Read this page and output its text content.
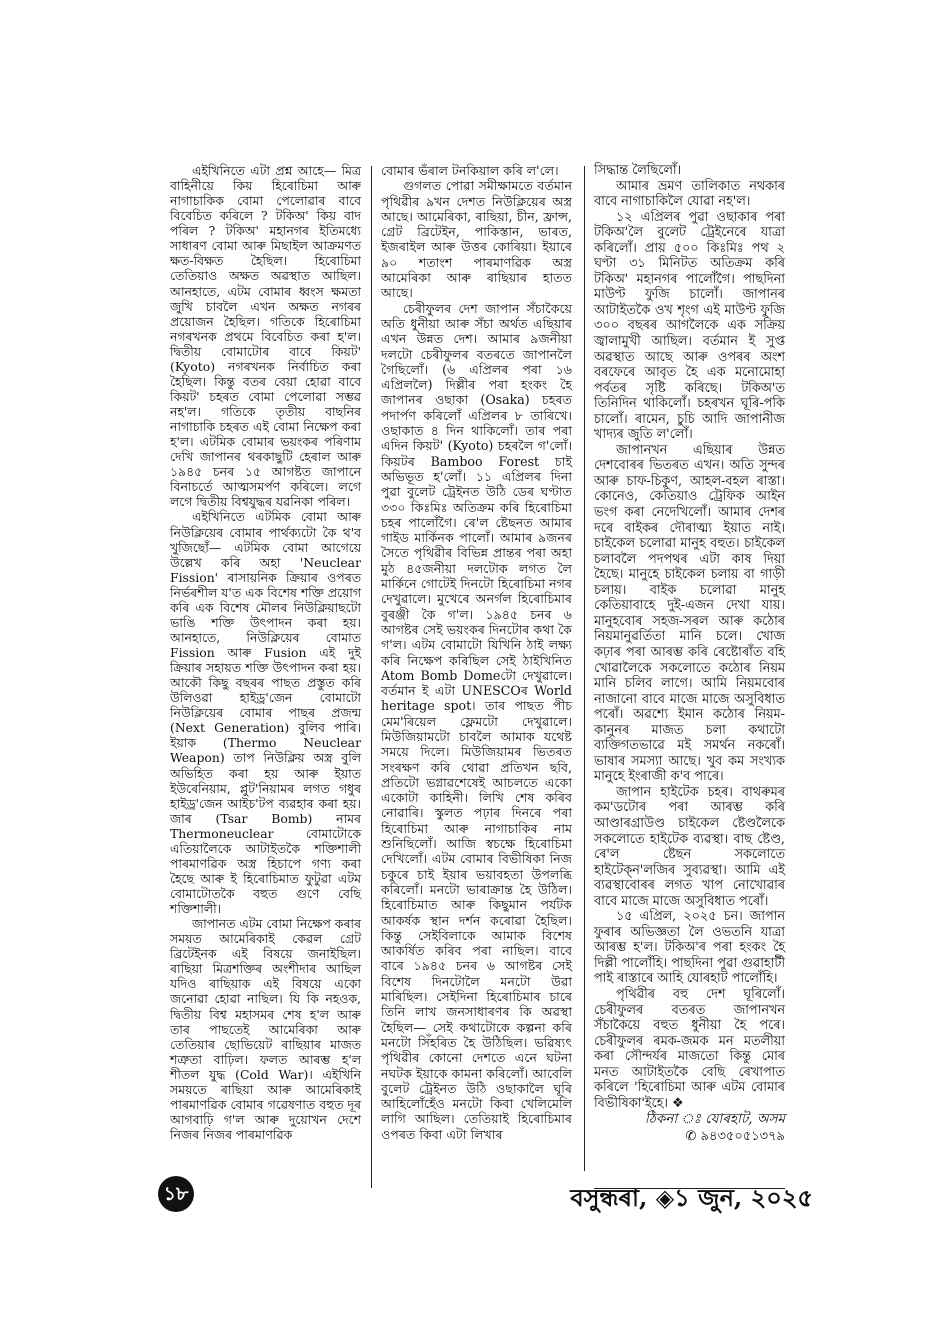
এইখিনিতে এটা প্ৰশ্ন আহে— মিত্ৰ বাহিনীয়ে কিয় হিৰোচিমা আৰু নাগাচাকিক বোমা পেলোৱাৰ বাবে বিবেচিত কৰিলে ? টকিঅ' কিয় বাদ পৰিল ? টকিঅ' মহানগৰ ইতিমধ্যে সাধাৰণ বোমা আৰু মিছাইল আক্ৰমণত ক্ষত-বিক্ষত হৈছিল। হিৰোচিমা তেতিয়াও অক্ষত অৱস্থাত আছিল। আনহাতে, এটম বোমাৰ ধ্বংস ক্ষমতা জুখি চাবলৈ এখন অক্ষত নগৰৰ প্ৰয়োজন হৈছিল। গতিকে হিৰোচিমা নগৰখনক প্ৰথমে বিবেচিত কৰা হ'ল। দ্বিতীয় বোমাটোৰ বাবে কিয়ট' (Kyoto) নগৰখনক নিৰ্বাচিত কৰা হৈছিল। কিন্তু বতৰ বেয়া হোৱা বাবে কিয়ট' চহৰত বোমা পেলোৱা সম্ভৱ নহ'ল। গতিকে তৃতীয় বাছনিৰ নাগাচাকি চহৰত এই বোমা নিক্ষেপ কৰা হ'ল। এটমিক বোমাৰ ভয়ংকৰ পৰিণাম দেখি জাপানৰ থৰকাছুটি হেৰাল আৰু ১৯৪৫ চনৰ ১৫ আগষ্টত জাপানে বিনাচৰ্তে আত্মসমৰ্পণ কৰিলে। লগে লগে দ্বিতীয় বিশ্বযুদ্ধৰ যৱনিকা পৰিল।

এইখিনিতে এটমিক বোমা আৰু নিউক্লিয়েৰ বোমাৰ পাৰ্থক্যটো কৈ থ'ব খুজিছোঁ— এটমিক বোমা আগেয়ে উল্লেখ কৰি অহা 'Neuclear Fission' ৰাসায়নিক ক্ৰিয়াৰ ওপৰত নিৰ্ভৰশীল য'ত এক বিশেষ শক্তি প্ৰয়োগ কৰি এক বিশেষ মৌলৰ নিউক্লিয়াছটো ভাঙি শক্তি উৎপাদন কৰা হয়। আনহাতে, নিউক্লিয়েৰ বোমাত Fission আৰু Fusion এই দুই ক্ৰিয়াৰ সহায়ত শক্তি উৎপাদন কৰা হয়। আকৌ কিছু বছৰৰ পাছত প্ৰস্তুত কৰি উলিওৱা হাইড্ৰ'জেন বোমাটো নিউক্লিয়েৰ বোমাৰ পাছৰ প্ৰজন্ম (Next Generation) বুলিব পাৰি। ইয়াক (Thermo Neuclear Weapon) তাপ নিউক্লিয় অস্ত্ৰ বুলি অভিহিত কৰা হয় আৰু ইয়াত ইউৰেনিয়াম, প্লুট'নিয়ামৰ লগত গধুৰ হাইড্ৰ'জেন আইচ'টপ ব্যৱহাৰ কৰা হয়। জাৰ (Tsar Bomb) নামৰ Thermoneuclear বোমাটোকে এতিয়ালৈকে আটাইতকৈ শক্তিশালী পাৰমাণৱিক অস্ত্ৰ হিচাপে গণ্য কৰা হৈছে আৰু ই হিৰোচিমাত ফুটুৱা এটম বোমাটোতকৈ বহুত গুণে বেছি শক্তিশালী।

জাপানত এটম বোমা নিক্ষেপ কৰাৰ সময়ত আমেৰিকাই কেৱল গ্ৰেট ব্ৰিটেইনক এই বিষয়ে জনাইছিল। ৰাছিয়া মিত্ৰশক্তিৰ অংশীদাৰ আছিল যদিও ৰাছিয়াক এই বিষয়ে একো জনোৱা হোৱা নাছিল। যি কি নহওক, দ্বিতীয় বিশ্ব মহাসমৰ শেষ হ'ল আৰু তাৰ পাছতেই আমেৰিকা আৰু তেতিয়াৰ ছোভিয়েট ৰাছিয়াৰ মাজত শত্ৰুতা বাঢ়িল। ফলত আৰম্ভ হ'ল শীতল যুদ্ধ (Cold War)। এইখিনি সময়তে ৰাছিয়া আৰু আমেৰিকাই পাৰমাণৱিক বোমাৰ গৱেষণাত বহুত দূৰ আগবাঢ়ি গ'ল আৰু দুয়োখন দেশে নিজৰ নিজৰ পাৰমাণৱিক

বোমাৰ ভঁৰাল টনকিয়াল কৰি ল'লে।

গুগলত পোৱা সমীক্ষামতে বৰ্তমান পৃথিৱীৰ ৯খন দেশত নিউক্লিয়েৰ অস্ত্ৰ আছে। আমেৰিকা, ৰাছিয়া, চীন, ফ্ৰান্স, গ্ৰেট ব্ৰিটেইন, পাকিস্তান, ভাৰত, ইজৰাইল আৰু উত্তৰ কোৰিয়া। ইয়াৰে ৯০ শতাংশ পাৰমাণৱিক অস্ত্ৰ আমেৰিকা আৰু ৰাছিয়াৰ হাতত আছে।

চেৰীফুলৰ দেশ জাপান সঁচাকৈয়ে অতি ধুনীয়া আৰু সঁচা অৰ্থত এছিয়াৰ এখন উন্নত দেশ। আমাৰ ৯জনীয়া দলটো চেৰীফুলৰ বতৰতে জাপানলৈ গৈছিলোঁ। (৬ এপ্ৰিলৰ পৰা ১৬ এপ্ৰিললৈ) দিল্লীৰ পৰা হংকং হৈ জাপানৰ ওছাকা (Osaka) চহৰত পদাৰ্পণ কৰিলোঁ এপ্ৰিলৰ ৮ তাৰিখে। ওছাকাত ৪ দিন থাকিলোঁ। তাৰ পৰা এদিন কিয়ট' (Kyoto) চহৰলৈ গ'লোঁ। কিয়টৰ Bamboo Forest চাই অভিভূত হ'লোঁ। ১১ এপ্ৰিলৰ দিনা পুৱা বুলেট ট্ৰেইনত উঠি ডেৰ ঘণ্টাত ৩৩০ কিঃমিঃ অতিক্ৰম কৰি হিৰোচিমা চহৰ পালোঁগৈ। ৰে'ল ষ্টেছনত আমাৰ গাইড মাৰ্কিনক পালোঁ। আমাৰ ৯জনৰ সৈতে পৃথিৱীৰ বিভিন্ন প্ৰান্তৰ পৰা অহা মুঠ ৪৫জনীয়া দলটোক লগত লৈ মাৰ্কিনে গোটেই দিনটো হিৰোচিমা নগৰ দেখুৱালে। মুখেৰে অনৰ্গল হিৰোচিমাৰ বুৰঞ্জী কৈ গ'ল। ১৯৪৫ চনৰ ৬ আগষ্টৰ সেই ভয়ংকৰ দিনটোৰ কথা কৈ গ'ল। এটম বোমাটো যিখিনি ঠাই লক্ষ্য কৰি নিক্ষেপ কৰিছিল সেই ঠাইখিনিত Atom Bomb Domeটো দেখুৱালে। বৰ্তমান ই এটা UNESCOৰ World heritage spot। তাৰ পাছত পীচ মেম'ৰিয়েল ফ্লেমটো দেখুৱালে। মিউজিয়ামটো চাবলৈ আমাক যথেষ্ট সময়ে দিলে। মিউজিয়ামৰ ভিতৰত সংৰক্ষণ কৰি থোৱা প্ৰতিখন ছবি, প্ৰতিটো ভগ্নাৱশেষেই আচলতে একো একোটা কাহিনী। লিখি শেষ কৰিব নোৱাৰি। স্কুলত পঢ়াৰ দিনৰে পৰা হিৰোচিমা আৰু নাগাচাকিৰ নাম শুনিছিলোঁ। আজি স্বচক্ষে হিৰোচিমা দেখিলোঁ। এটম বোমাৰ বিভীষিকা নিজ চকুৰে চাই ইয়াৰ ভয়াবহতা উপলব্ধি কৰিলোঁ। মনটো ভাৰাক্ৰান্ত হৈ উঠিল। হিৰোচিমাত আৰু কিছুমান পৰ্যটক আকৰ্ষক স্থান দৰ্শন কৰোৱা হৈছিল। কিন্তু সেইবিলাকে আমাক বিশেষ আকৰ্ষিত কৰিব পৰা নাছিল। বাবে বাৰে ১৯৪৫ চনৰ ৬ আগষ্টৰ সেই বিশেষ দিনটোলৈ মনটো উৱা মাৰিছিল। সেইদিনা হিৰোচিমাৰ চাৰে তিনি লাখ জনসাধাৰণৰ কি অৱস্থা হৈছিল— সেই কথাটোকে কল্পনা কৰি মনটো সিঁহৰিত হৈ উঠিছিল। ভৱিষ্যৎ পৃথিৱীৰ কোনো দেশতে এনে ঘটনা নঘটক ইয়াকে কামনা কৰিলোঁ। আবেলি বুলেট ট্ৰেইনত উঠি ওছাকালৈ ঘূৰি আহিলোঁহেঁও মনটো কিবা খেলিমেলি লাগি আছিল। তেতিয়াই হিৰোচিমাৰ ওপৰত কিবা এটা লিখাৰ

সিদ্ধান্ত লৈছিলোঁ।

আমাৰ ভ্ৰমণ তালিকাত নথকাৰ বাবে নাগাচাকিলৈ যোৱা নহ'ল।

১২ এপ্ৰিলৰ পুৱা ওছাকাৰ পৰা টকিঅ'লৈ বুলেট ট্ৰেইনেৰে যাত্ৰা কৰিলোঁ। প্ৰায় ৫০০ কিঃমিঃ পথ ২ ঘণ্টা ৩১ মিনিটত অতিক্ৰম কৰি টকিঅ' মহানগৰ পালোঁগৈ। পাছদিনা মাউণ্ট ফুজি চালোঁ। জাপানৰ আটাইতকৈ ওখ শৃংগ এই মাউণ্ট ফুজি ৩০০ বছৰৰ আগলৈকে এক সক্ৰিয় জ্বালামুখী আছিল। বৰ্তমান ই সুপ্ত অৱস্থাত আছে আৰু ওপৰৰ অংশ বৰফেৰে আবৃত হৈ এক মনোমোহা পৰ্বতৰ সৃষ্টি কৰিছে। টকিঅ'ত তিনিদিন থাকিলোঁ। চহৰখন ঘূৰি-পকি চালোঁ। ৰামেন, চুচি আদি জাপানীজ খাদ্যৰ জুতি ল'লোঁ।

জাপানখন এছিয়াৰ উন্নত দেশবোৰৰ ভিতৰত এখন। অতি সুন্দৰ আৰু চাফ-চিকুণ, আহল-বহল ৰাস্তা। কোনেও, কেতিয়াও ট্ৰেফিক আইন ভংগ কৰা নেদেখিলোঁ। আমাৰ দেশৰ দৰে বাইকৰ দৌৰাত্ম্য ইয়াত নাই। চাইকেল চলোৱা মানুহ বহুত। চাইকেল চলাবলৈ পদপথৰ এটা কাষ দিয়া হৈছে। মানুহে চাইকেল চলায় বা গাড়ী চলায়। বাইক চলোৱা মানুহ কেতিয়াবাহে দুই-এজন দেখা যায়। মানুহবোৰ সহজ-সৰল আৰু কঠোৰ নিয়মানুৱৰ্তিতা মানি চলে। খোজ কঢ়াৰ পৰা আৰম্ভ কৰি ৰেষ্টোৰাঁত বহি খোৱালৈকে সকলোতে কঠোৰ নিয়ম মানি চলিব লাগে। আমি নিয়মবোৰ নাজানো বাবে মাজে মাজে অসুবিধাত পৰোঁ। অৱশ্যে ইমান কঠোৰ নিয়ম-কানুনৰ মাজত চলা কথাটো ব্যক্তিগতভাৱে মই সমৰ্থন নকৰোঁ। ভাষাৰ সমস্যা আছে। খুব কম সংখ্যক মানুহে ইংৰাজী ক'ব পাৰে।

জাপান হাইটেক চহৰ। বাথৰুমৰ কম'ডটোৰ পৰা আৰম্ভ কৰি আণ্ডাৰগ্ৰাউণ্ড চাইকেল ষ্টেণ্ডলৈকে সকলোতে হাইটেক ব্যৱস্থা। বাছ ষ্টেণ্ড, ৰে'ল ষ্টেছন সকলোতে হাইটেক্‌ন'লজিৰ সুব্যৱস্থা। আমি এই ব্যৱস্থাবোৰৰ লগত খাপ নোখোৱাৰ বাবে মাজে মাজে অসুবিধাত পৰোঁ।

১৫ এপ্ৰিল, ২০২৫ চন। জাপান ফুৰাৰ অভিজ্ঞতা লৈ ওভতনি যাত্ৰা আৰম্ভ হ'ল। টকিঅ'ৰ পৰা হংকং হৈ দিল্লী পালোঁহি। পাছদিনা পুৱা গুৱাহাটী পাই ৰাস্তাৰে আহি যোৰহাট পালোঁহি।

পৃথিৱীৰ বহু দেশ ঘূৰিলোঁ। চেৰীফুলৰ বতৰত জাপানখন সঁচাকৈয়ে বহুত ধুনীয়া হৈ পৰে। চেৰীফুলৰ ৰমক-জমক মন মতলীয়া কৰা সৌন্দৰ্যৰ মাজতো কিন্তু মোৰ মনত আটাইতকৈ বেছি ৰেখাপাত কৰিলে 'হিৰোচিমা আৰু এটম বোমাৰ বিভীষিকা'ইহে। ❖

ঠিকনা ঃ যোৰহাট, অসম
✆ ৯৪৩৫০৫১৩৭৯
১৮	বসুন্ধৰা, ◈১ জুন, ২০২৫
